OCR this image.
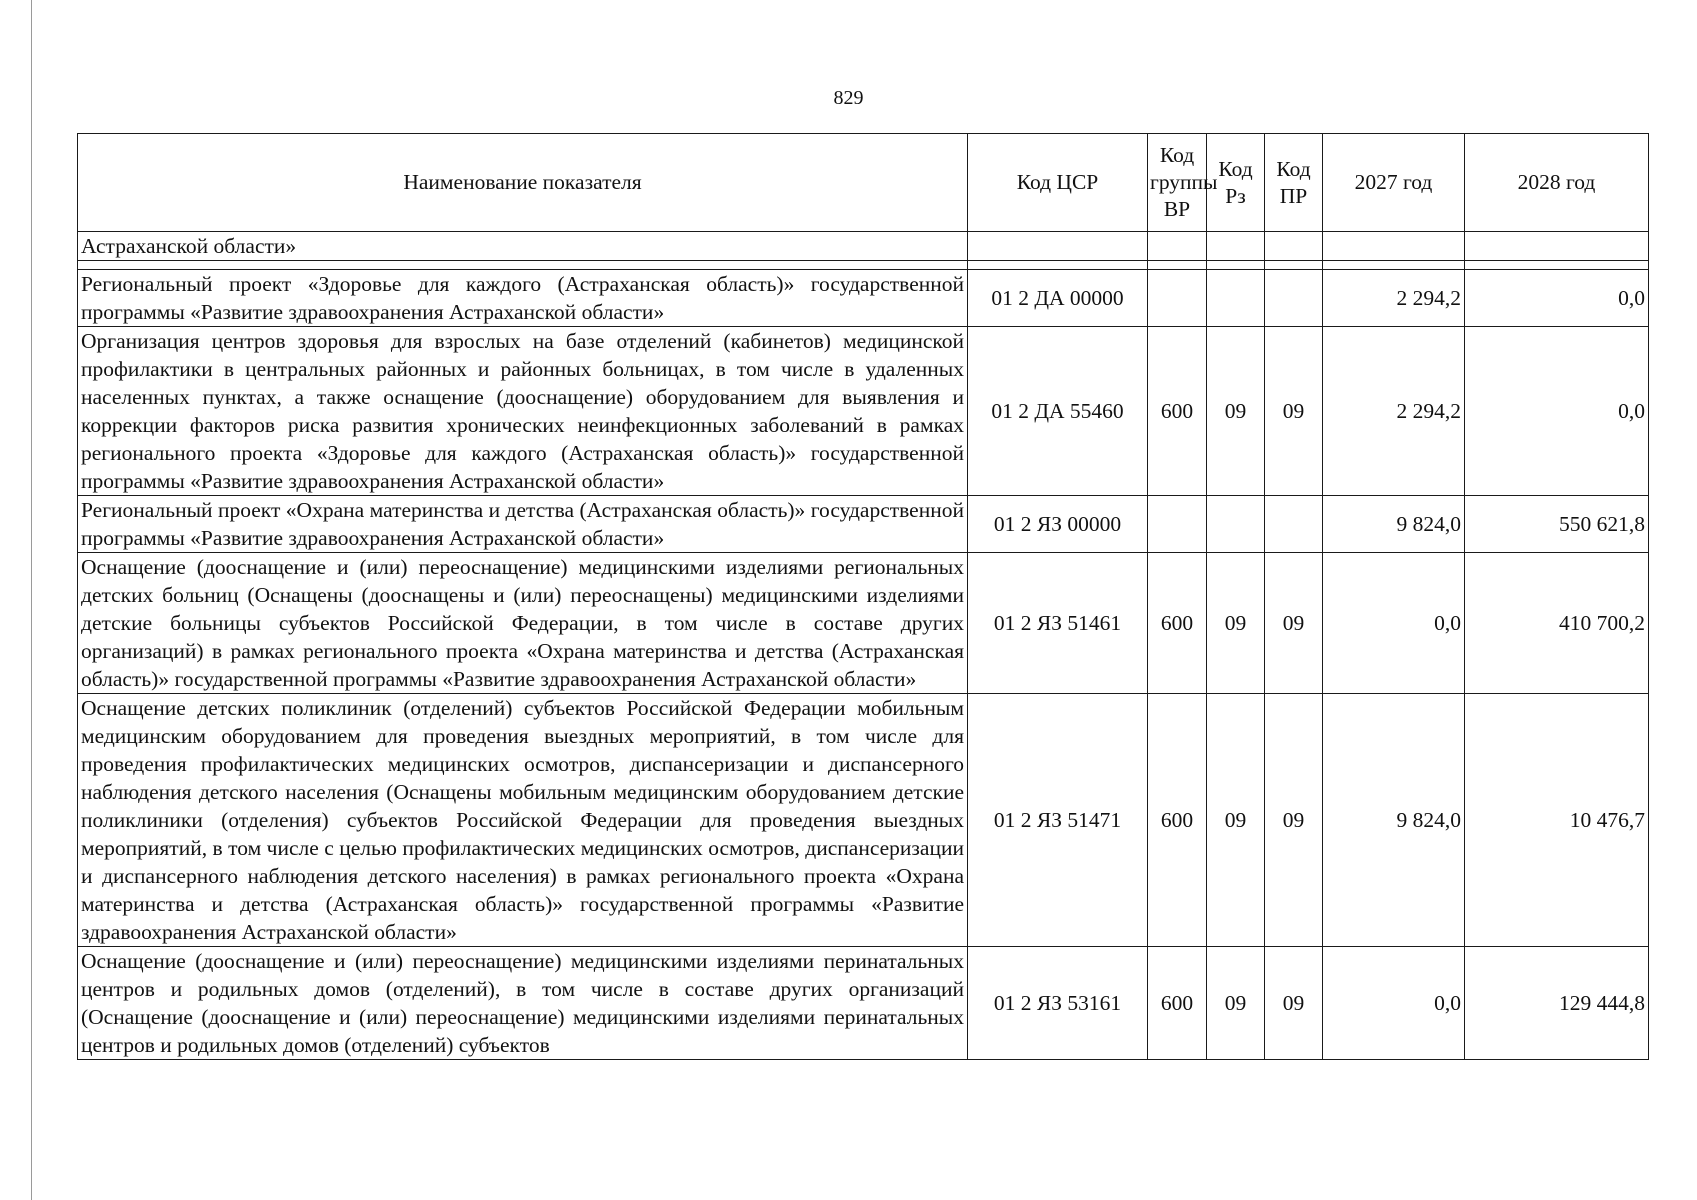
829
Наименование показателя	Код ЦСР	Код группы ВР	Код Рз	Код ПР	2027 год	2028 год
Астраханской области»						

Региональный проект «Здоровье для каждого (Астраханская область)» государственной программы «Развитие здравоохранения Астраханской области»	01 2 ДА 00000				2 294,2	0,0
Организация центров здоровья для взрослых на базе отделений (кабинетов) медицинской профилактики в центральных районных и районных больницах, в том числе в удаленных населенных пунктах, а также оснащение (дооснащение) оборудованием для выявления и коррекции факторов риска развития хронических неинфекционных заболеваний в рамках регионального проекта «Здоровье для каждого (Астраханская область)» государственной программы «Развитие здравоохранения Астраханской области»	01 2 ДА 55460	600	09	09	2 294,2	0,0
Региональный проект «Охрана материнства и детства (Астраханская область)» государственной программы «Развитие здравоохранения Астраханской области»	01 2 ЯЗ 00000				9 824,0	550 621,8
Оснащение (дооснащение и (или) переоснащение) медицинскими изделиями региональных детских больниц (Оснащены (дооснащены и (или) переоснащены) медицинскими изделиями детские больницы субъектов Российской Федерации, в том числе в составе других организаций) в рамках регионального проекта «Охрана материнства и детства (Астраханская область)» государственной программы «Развитие здравоохранения Астраханской области»	01 2 ЯЗ 51461	600	09	09	0,0	410 700,2
Оснащение детских поликлиник (отделений) субъектов Российской Федерации мобильным медицинским оборудованием для проведения выездных мероприятий, в том числе для проведения профилактических медицинских осмотров, диспансеризации и диспансерного наблюдения детского населения (Оснащены мобильным медицинским оборудованием детские поликлиники (отделения) субъектов Российской Федерации для проведения выездных мероприятий, в том числе с целью профилактических медицинских осмотров, диспансеризации и диспансерного наблюдения детского населения) в рамках регионального проекта «Охрана материнства и детства (Астраханская область)» государственной программы «Развитие здравоохранения Астраханской области»	01 2 ЯЗ 51471	600	09	09	9 824,0	10 476,7
Оснащение (дооснащение и (или) переоснащение) медицинскими изделиями перинатальных центров и родильных домов (отделений), в том числе в составе других организаций (Оснащение (дооснащение и (или) переоснащение) медицинскими изделиями перинатальных центров и родильных домов (отделений) субъектов	01 2 ЯЗ 53161	600	09	09	0,0	129 444,8
